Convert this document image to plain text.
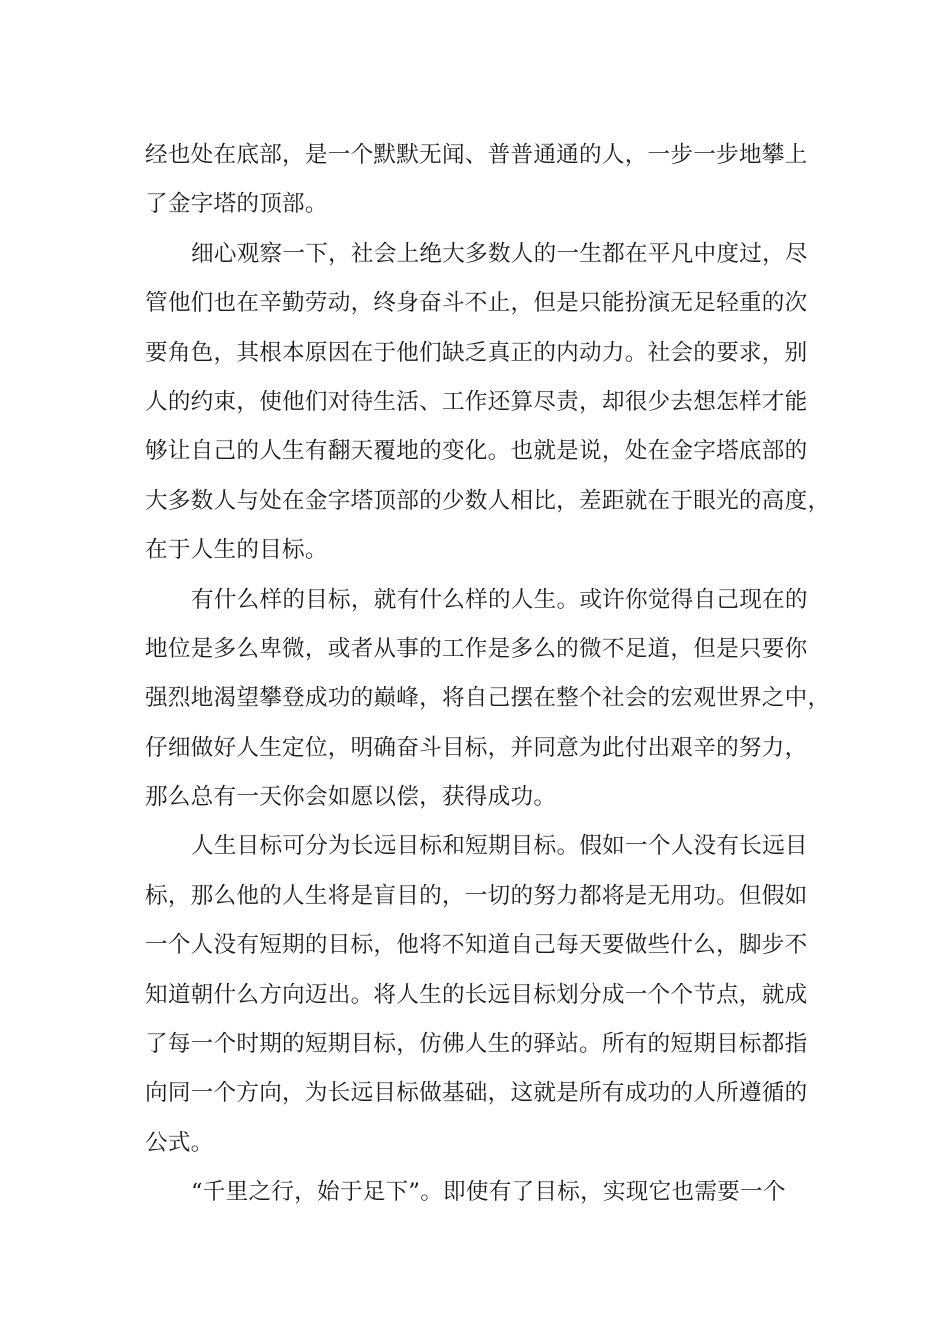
经也处在底部，是一个默默无闻、普普通通的人，一步一步地攀上
了金字塔的顶部。
细心观察一下，社会上绝大多数人的一生都在平凡中度过，尽
管他们也在辛勤劳动，终身奋斗不止，但是只能扮演无足轻重的次
要角色，其根本原因在于他们缺乏真正的内动力。社会的要求，别
人的约束，使他们对待生活、工作还算尽责，却很少去想怎样才能
够让自己的人生有翻天覆地的变化。也就是说，处在金字塔底部的
大多数人与处在金字塔顶部的少数人相比，差距就在于眼光的高度，
在于人生的目标。
有什么样的目标，就有什么样的人生。或许你觉得自己现在的
地位是多么卑微，或者从事的工作是多么的微不足道，但是只要你
强烈地渴望攀登成功的巅峰，将自己摆在整个社会的宏观世界之中，
仔细做好人生定位，明确奋斗目标，并同意为此付出艰辛的努力，
那么总有一天你会如愿以偿，获得成功。
人生目标可分为长远目标和短期目标。假如一个人没有长远目
标，那么他的人生将是盲目的，一切的努力都将是无用功。但假如
一个人没有短期的目标，他将不知道自己每天要做些什么，脚步不
知道朝什么方向迈出。将人生的长远目标划分成一个个节点，就成
了每一个时期的短期目标，仿佛人生的驿站。所有的短期目标都指
向同一个方向，为长远目标做基础，这就是所有成功的人所遵循的
公式。
“千里之行，始于足下”。即使有了目标，实现它也需要一个
